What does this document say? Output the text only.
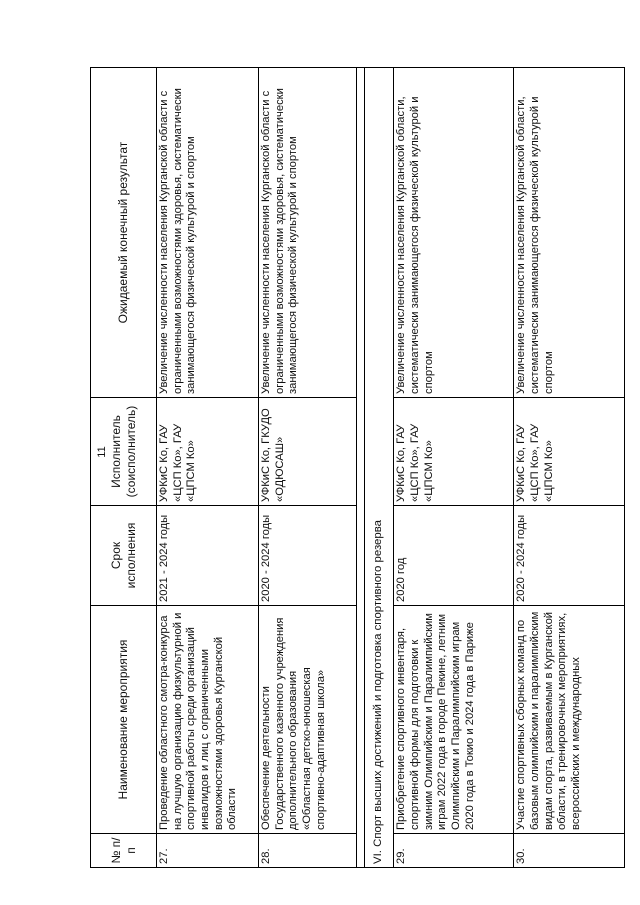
11
№ п/п	Наименование мероприятия	Срок исполнения	Исполнитель (соисполнитель)	Ожидаемый конечный результат
27.	Проведение областного смотра-конкурса на лучшую организацию физкультурной и спортивной работы среди организаций инвалидов и лиц с ограниченными возможностями здоровья Курганской области	2021 - 2024 годы	УФКиС Ко, ГАУ «ЦСП Ко», ГАУ «ЦПСМ Ко»	Увеличение численности населения Курганской области с ограниченными возможностями здоровья, систематически занимающегося физической культурой и спортом
28.	Обеспечение деятельности Государственного казенного учреждения дополнительного образования «Областная детско-юношеская спортивно-адаптивная школа»	2020 - 2024 годы	УФКиС Ко, ГКУДО «ОДЮСАШ»	Увеличение численности населения Курганской области с ограниченными возможностями здоровья, систематически занимающегося физической культурой и спортом

VI. Спорт высших достижений и подготовка спортивного резерва				
29.	Приобретение спортивного инвентаря, спортивной формы для подготовки к зимним Олимпийским и Паралимпийским играм 2022 года в городе Пекине, летним Олимпийским и Паралимпийским играм 2020 года в Токио и 2024 года в Париже	2020 год	УФКиС Ко, ГАУ «ЦСП Ко», ГАУ «ЦПСМ Ко»	Увеличение численности населения Курганской области, систематически занимающегося физической культурой и спортом
30.	Участие спортивных сборных команд по базовым олимпийским и паралимпийским видам спорта, развиваемым в Курганской области, в тренировочных мероприятиях, всероссийских и международных	2020 - 2024 годы	УФКиС Ко, ГАУ «ЦСП Ко», ГАУ «ЦПСМ Ко»	Увеличение численности населения Курганской области, систематически занимающегося физической культурой и спортом
